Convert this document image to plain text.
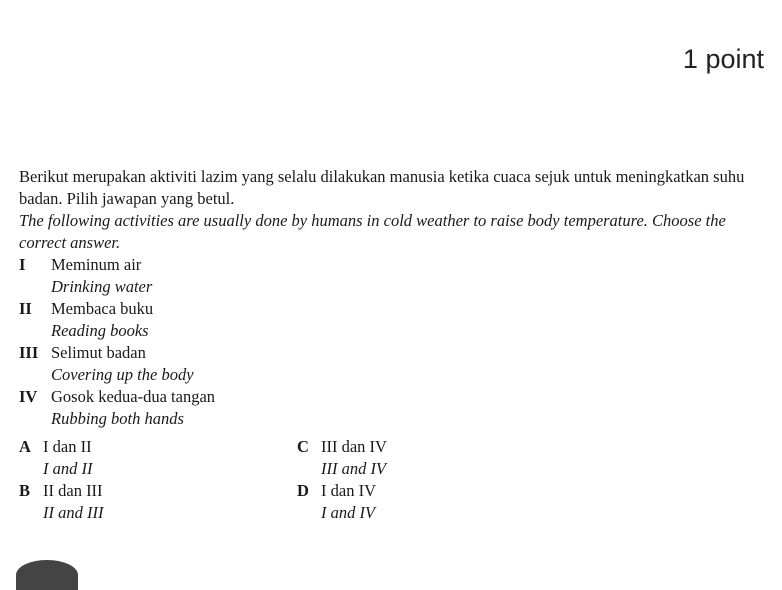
1 point

Berikut merupakan aktiviti lazim yang selalu dilakukan manusia ketika cuaca sejuk untuk meningkatkan suhu badan. Pilih jawapan yang betul.

The following activities are usually done by humans in cold weather to raise body temperature. Choose the correct answer.

I	Meminum air
Drinking water
II	Membaca buku
Reading books
III Selimut badan
Covering up the body
IV Gosok kedua-dua tangan
Rubbing both hands
A I dan II	C III dan IV
I and II	III and IV
B II dan III	D I dan IV
II and III	I and IV
